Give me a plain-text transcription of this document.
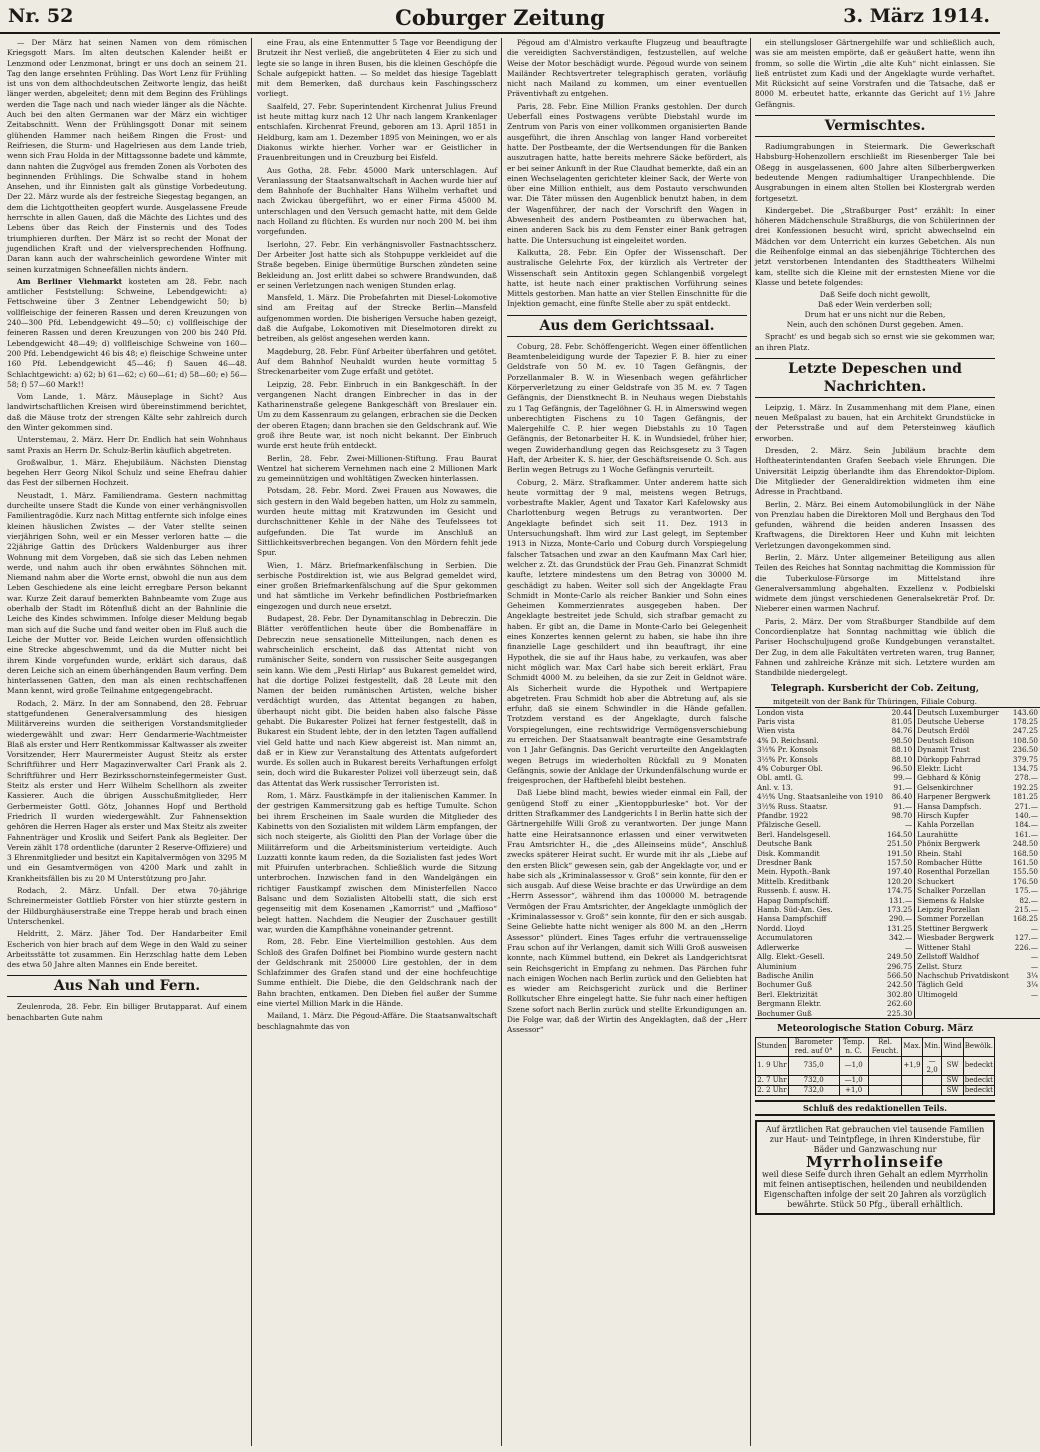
Nr. 52	Coburger Zeitung	3. März 1914.

— Der März hat seinen Namen von dem römischen Kriegsgott Mars. Im alten deutschen Kalender heißt er Lenzmond oder Lenzmonat, bringt er uns doch an seinem 21. Tag den lange ersehnten Frühling. Das Wort Lenz für Frühling ist uns von dem althochdeutschen Zeitworte lengiz, das heißt länger werden, abgeleitet; denn mit dem Beginn des Frühlings werden die Tage nach und nach wieder länger als die Nächte. Auch bei den alten Germanen war der März ein wichtiger Zeitabschnitt. Wenn der Frühlingsgott Donar mit seinem glühenden Hammer nach heißem Ringen die Frost- und Reifriesen, die Sturm- und Hagelriesen aus dem Lande trieb, wenn sich Frau Holda in der Mittagssonne badete und kämmte, dann nahten die Zugvögel aus fremden Zonen als Vorboten des beginnenden Frühlings. Die Schwalbe stand in hohem Ansehen, und ihr Einnisten galt als günstige Vorbedeutung. Der 22. März wurde als der festreiche Siegestag begangen, an dem die Lichtgottheiten geopfert wurde. Ausgelassene Freude herrschte in allen Gauen, daß die Mächte des Lichtes und des Lebens über das Reich der Finsternis und des Todes triumphieren durften. Der März ist so recht der Monat der jugendlichen Kraft und der vielversprechenden Hoffnung. Daran kann auch der wahrscheinlich gewordene Winter mit seinen kurzatmigen Schneefällen nichts ändern.

Am Berliner Viehmarkt kosteten am 28. Febr. nach amtlicher Feststellung: Schweine, Lebendgewicht: a) Fettschweine über 3 Zentner Lebendgewicht 50; b) vollfleischige der feineren Rassen und deren Kreuzungen von 240—300 Pfd. Lebendgewicht 49—50; c) vollfleischige der feineren Rassen und deren Kreuzungen von 200 bis 240 Pfd. Lebendgewicht 48—49; d) vollfleischige Schweine von 160—200 Pfd. Lebendgewicht 46 bis 48; e) fleischige Schweine unter 160 Pfd. Lebendgewicht 45—46; f) Sauen 46—48. Schlachtgewicht: a) 62; b) 61—62; c) 60—61; d) 58—60; e) 56—58; f) 57—60 Mark!!

Vom Lande, 1. März. Mäuseplage in Sicht? Aus landwirtschaftlichen Kreisen wird übereinstimmend berichtet, daß die Mäuse trotz der strengen Kälte sehr zahlreich durch den Winter gekommen sind.

Unterstemau, 2. März. Herr Dr. Endlich hat sein Wohnhaus samt Praxis an Herrn Dr. Schulz-Berlin käuflich abgetreten.

Großwalbur, 1. März. Ehejubiläum. Nächsten Dienstag begehen Herr Georg Nikol Schulz und seine Ehefrau dahier das Fest der silbernen Hochzeit.

Neustadt, 1. März. Familiendrama. Gestern nachmittag durcheilte unsere Stadt die Kunde von einer verhängnisvollen Familientragödie. Kurz nach Mittag entfernte sich infolge eines kleinen häuslichen Zwistes — der Vater stellte seinen vierjährigen Sohn, weil er ein Messer verloren hatte — die 22jährige Gattin des Drückers Waldenburger aus ihrer Wohnung mit dem Vorgeben, daß sie sich das Leben nehmen werde, und nahm auch ihr oben erwähntes Söhnchen mit. Niemand nahm aber die Worte ernst, obwohl die nun aus dem Leben Geschiedene als eine leicht erregbare Person bekannt war. Kurze Zeit darauf bemerkten Bahnbeamte vom Zuge aus oberhalb der Stadt im Rötenfluß dicht an der Bahnlinie die Leiche des Kindes schwimmen. Infolge dieser Meldung begab man sich auf die Suche und fand weiter oben im Fluß auch die Leiche der Mutter vor. Beide Leichen wurden offensichtlich eine Strecke abgeschwemmt, und da die Mutter nicht bei ihrem Kinde vorgefunden wurde, erklärt sich daraus, daß deren Leiche sich an einem überhängenden Baum verfing. Dem hinterlassenen Gatten, den man als einen rechtschaffenen Mann kennt, wird große Teilnahme entgegengebracht.

Rodach, 2. März. In der am Sonnabend, den 28. Februar stattgefundenen Generalversammlung des hiesigen Militärvereins wurden die seitherigen Vorstandsmitglieder wiedergewählt und zwar: Herr Gendarmerie-Wachtmeister Blaß als erster und Herr Rentkommissar Kaltwasser als zweiter Vorsitzender, Herr Maurermeister August Steitz als erster Schriftführer und Herr Magazinverwalter Carl Frank als 2. Schriftführer und Herr Bezirksschornsteinfegermeister Gust. Steitz als erster und Herr Wilhelm Schellhorn als zweiter Kassierer. Auch die übrigen Ausschußmitglieder, Herr Gerbermeister Gottl. Götz, Johannes Hopf und Berthold Friedrich II wurden wiedergewählt. Zur Fahnensektion gehören die Herren Hager als erster und Max Steitz als zweiter Fahnenträger und Kroslik und Seifert Pank als Begleiter. Der Verein zählt 178 ordentliche (darunter 2 Reserve-Offiziere) und 3 Ehrenmitglieder und besitzt ein Kapitalvermögen von 3295 M und ein Gesamtvermögen von 4200 Mark und zahlt in Krankheitsfällen bis zu 20 M Unterstützung pro Jahr.

Rodach, 2. März. Unfall. Der etwa 70-jährige Schreinermeister Gottlieb Förster von hier stürzte gestern in der Hildburghäuserstraße eine Treppe herab und brach einen Unterschenkel.

Heldritt, 2. März. Jäher Tod. Der Handarbeiter Emil Escherich von hier brach auf dem Wege in den Wald zu seiner Arbeitsstätte tot zusammen. Ein Herzschlag hatte dem Leben des etwa 50 Jahre alten Mannes ein Ende bereitet.

Aus Nah und Fern.

Zeulenroda, 28. Febr. Ein billiger Brutapparat. Auf einem benachbarten Gute nahm

eine Frau, als eine Entenmutter 5 Tage vor Beendigung der Brutzeit ihr Nest verließ, die angebrüteten 4 Eier zu sich und legte sie so lange in ihren Busen, bis die kleinen Geschöpfe die Schale aufgepickt hatten. — So meldet das hiesige Tageblatt mit dem Bemerken, daß durchaus kein Faschingsscherz vorliegt.

Saalfeld, 27. Febr. Superintendent Kirchenrat Julius Freund ist heute mittag kurz nach 12 Uhr nach langem Krankenlager entschlafen. Kirchenrat Freund, geboren am 13. April 1851 in Heldburg, kam am 1. Dezember 1895 von Meiningen, wo er als Diakonus wirkte hierher. Vorher war er Geistlicher in Frauenbreitungen und in Creuzburg bei Eisfeld.

Aus Gotha, 28. Febr. 45000 Mark unterschlagen. Auf Veranlassung der Staatsanwaltschaft in Aachen wurde hier auf dem Bahnhofe der Buchhalter Hans Wilhelm verhaftet und nach Zwickau übergeführt, wo er einer Firma 45000 M. unterschlagen und den Versuch gemacht hatte, mit dem Gelde nach Holland zu flüchten. Es wurden nur noch 200 M. bei ihm vorgefunden.

Iserlohn, 27. Febr. Ein verhängnisvoller Fastnachtsscherz. Der Arbeiter Jost hatte sich als Stohpuppe verkleidet auf die Straße begeben. Einige übermütige Burschen zündeten seine Bekleidung an. Jost erlitt dabei so schwere Brandwunden, daß er seinen Verletzungen nach wenigen Stunden erlag.

Mansfeld, 1. März. Die Probefahrten mit Diesel-Lokomotive sind am Freitag auf der Strecke Berlin—Mansfeld aufgenommen worden. Die bisherigen Versuche haben gezeigt, daß die Aufgabe, Lokomotiven mit Dieselmotoren direkt zu betreiben, als gelöst angesehen werden kann.

Magdeburg, 28. Febr. Fünf Arbeiter überfahren und getötet. Auf dem Bahnhof Neuhaldt wurden heute vormittag 5 Streckenarbeiter vom Zuge erfaßt und getötet.

Leipzig, 28. Febr. Einbruch in ein Bankgeschäft. In der vergangenen Nacht drangen Einbrecher in das in der Katharinenstraße gelegene Bankgeschäft von Breslauer ein. Um zu dem Kassenraum zu gelangen, erbrachen sie die Decken der oberen Etagen; dann brachen sie den Geldschrank auf. Wie groß ihre Beute war, ist noch nicht bekannt. Der Einbruch wurde erst heute früh entdeckt.

Berlin, 28. Febr. Zwei-Millionen-Stiftung. Frau Baurat Wentzel hat sicherem Vernehmen nach eine 2 Millionen Mark zu gemeinnützigen und wohltätigen Zwecken hinterlassen.

Potsdam, 28. Febr. Mord. Zwei Frauen aus Nowawes, die sich gestern in den Wald begeben hatten, um Holz zu sammeln, wurden heute mittag mit Kratzwunden im Gesicht und durchschnittener Kehle in der Nähe des Teufelssees tot aufgefunden. Die Tat wurde im Anschluß an Sittlichkeitsverbrechen begangen. Von den Mördern fehlt jede Spur.

Wien, 1. März. Briefmarkenfälschung in Serbien. Die serbische Postdirektion ist, wie aus Belgrad gemeldet wird, einer großen Briefmarkenfälschung auf die Spur gekommen und hat sämtliche im Verkehr befindlichen Postbriefmarken eingezogen und durch neue ersetzt.

Budapest, 28. Febr. Der Dynamitanschlag in Debreczin. Die Blätter veröffentlichen heute über die Bombenaffäre in Debreczin neue sensationelle Mitteilungen, nach denen es wahrscheinlich erscheint, daß das Attentat nicht von rumänischer Seite, sondern von russischer Seite ausgegangen sein kann. Wie dem „Pesti Hirlap“ aus Bukarest gemeldet wird, hat die dortige Polizei festgestellt, daß 28 Leute mit den Namen der beiden rumänischen Artisten, welche bisher verdächtigt wurden, das Attentat begangen zu haben, überhaupt nicht gibt. Die beiden haben also falsche Pässe gehabt. Die Bukarester Polizei hat ferner festgestellt, daß in Bukarest ein Student lebte, der in den letzten Tagen auffallend viel Geld hatte und nach Kiew abgereist ist. Man nimmt an, daß er in Kiew zur Veranstaltung des Attentats aufgefordert wurde. Es sollen auch in Bukarest bereits Verhaftungen erfolgt sein, doch wird die Bukarester Polizei voll überzeugt sein, daß das Attentat das Werk russischer Terroristen ist.

Rom, 1. März. Faustkämpfe in der italienischen Kammer. In der gestrigen Kammersitzung gab es heftige Tumulte. Schon bei ihrem Erscheinen im Saale wurden die Mitglieder des Kabinetts von den Sozialisten mit wildem Lärm empfangen, der sich noch steigerte, als Giolitti den Plan der Vorlage über die Militärreform und die Arbeitsministerium verteidigte. Auch Luzzatti konnte kaum reden, da die Sozialisten fast jedes Wort mit Pfuirufen unterbrachen. Schließlich wurde die Sitzung unterbrochen. Inzwischen fand in den Wandelgängen ein richtiger Faustkampf zwischen dem Ministerfellen Nacco Balsanc und dem Sozialisten Altobelli statt, die sich erst gegenseitig mit dem Kosenamen „Kamorrist“ und „Maffioso“ belegt hatten. Nachdem die Neugier der Zuschauer gestillt war, wurden die Kampfhähne voneinander getrennt.

Rom, 28. Febr. Eine Viertelmillion gestohlen. Aus dem Schloß des Grafen Dolfinet bei Piombino wurde gestern nacht der Geldschrank mit 250000 Lire gestohlen, der in dem Schlafzimmer des Grafen stand und der eine hochfeuchtige Summe enthielt. Die Diebe, die den Geldschrank nach der Bahn brachten, entkamen. Den Dieben fiel außer der Summe eine viertel Million Mark in die Hände.

Mailand, 1. März. Die Pégoud-Affäre. Die Staatsanwaltschaft beschlagnahmte das von

Pégoud am d'Almistro verkaufte Flugzeug und beauftragte die vereidigten Sachverständigen, festzustellen, auf welche Weise der Motor beschädigt wurde. Pégoud wurde von seinem Mailänder Rechtsvertreter telegraphisch geraten, vorläufig nicht nach Mailand zu kommen, um einer eventuellen Präventivhaft zu entgehen.

Paris, 28. Febr. Eine Million Franks gestohlen. Der durch Ueberfall eines Postwagens verübte Diebstahl wurde im Zentrum von Paris von einer vollkommen organisierten Bande ausgeführt, die ihren Anschlag von langer Hand vorbereitet hatte. Der Postbeamte, der die Wertsendungen für die Banken auszutragen hatte, hatte bereits mehrere Säcke befördert, als er bei seiner Ankunft in der Rue Claudhat bemerkte, daß ein an einen Wechselagenten gerichteter kleiner Sack, der Werte von über eine Million enthielt, aus dem Postauto verschwunden war. Die Täter müssen den Augenblick benutzt haben, in dem der Wagenführer, der nach der Vorschrift den Wagen in Abwesenheit des andern Postbeamten zu überwachen hat, einen anderen Sack bis zu dem Fenster einer Bank getragen hatte. Die Untersuchung ist eingeleitet worden.

Kalkutta, 28. Febr. Ein Opfer der Wissenschaft. Der australische Gelehrte Fox, der kürzlich als Vertreter der Wissenschaft sein Antitoxin gegen Schlangenbiß vorgelegt hatte, ist heute nach einer praktischen Vorführung seines Mittels gestorben. Man hatte an vier Stellen Einschnitte für die Injektion gemacht, eine fünfte Stelle aber zu spät entdeckt.

Aus dem Gerichtssaal.

Coburg, 28. Febr. Schöffengericht. Wegen einer öffentlichen Beamtenbeleidigung wurde der Tapezier F. B. hier zu einer Geldstrafe von 50 M. ev. 10 Tagen Gefängnis, der Porzellanmaler B. W. in Wiesenbach wegen gefährlicher Körperverletzung zu einer Geldstrafe von 35 M. ev. 7 Tagen Gefängnis, der Dienstknecht B. in Neuhaus wegen Diebstahls zu 1 Tag Gefängnis, der Tagelöhner G. H. in Almerswind wegen unberechtigten Fischens zu 10 Tagen Gefängnis, der Malergehilfe C. P. hier wegen Diebstahls zu 10 Tagen Gefängnis, der Betonarbeiter H. K. in Wundsiedel, früher hier, wegen Zuwiderhandlung gegen das Reichsgesetz zu 3 Tagen Haft, der Arbeiter K. S. hier, der Geschäftsreisende O. Sch. aus Berlin wegen Betrugs zu 1 Woche Gefängnis verurteilt.

Coburg, 2. März. Strafkammer. Unter anderem hatte sich heute vormittag der 9 mal, meistens wegen Betrugs, vorbestrafte Makler, Agent und Taxator Karl Kafelowsky aus Charlottenburg wegen Betrugs zu verantworten. Der Angeklagte befindet sich seit 11. Dez. 1913 in Untersuchungshaft. Ihm wird zur Last gelegt, im September 1913 in Nizza, Monte-Carlo und Coburg durch Vorspiegelung falscher Tatsachen und zwar an den Kaufmann Max Carl hier, welcher z. Zt. das Grundstück der Frau Geh. Finanzrat Schmidt kaufte, letztere mindestens um den Betrag von 30000 M. geschädigt zu haben. Weiter soll sich der Angeklagte Frau Schmidt in Monte-Carlo als reicher Bankier und Sohn eines Geheimen Kommerzienrates ausgegeben haben. Der Angeklagte bestreitet jede Schuld, sich strafbar gemacht zu haben. Er gibt an, die Dame in Monte-Carlo bei Gelegenheit eines Konzertes kennen gelernt zu haben, sie habe ihn ihre finanzielle Lage geschildert und ihn beauftragt, ihr eine Hypothek, die sie auf ihr Haus habe, zu verkaufen, was aber nicht möglich war. Max Carl habe sich bereit erklärt, Frau Schmidt 4000 M. zu beleihen, da sie zur Zeit in Geldnot wäre. Als Sicherheit wurde die Hypothek und Wertpapiere abgetreten. Frau Schmidt hob aber die Abtretung auf, als sie erfuhr, daß sie einem Schwindler in die Hände gefallen. Trotzdem verstand es der Angeklagte, durch falsche Vorspiegelungen, eine rechtswidrige Vermögensverschiebung zu erreichen. Der Staatsanwalt beantragte eine Gesamtstrafe von 1 Jahr Gefängnis. Das Gericht verurteilte den Angeklagten wegen Betrugs im wiederholten Rückfall zu 9 Monaten Gefängnis, sowie der Anklage der Urkundenfälschung wurde er freigesprochen, der Haftbefehl bleibt bestehen.

Daß Liebe blind macht, bewies wieder einmal ein Fall, der genügend Stoff zu einer „Kientoppburleske“ bot. Vor der dritten Strafkammer des Landgerichts I in Berlin hatte sich der Gärtnergehilfe Willi Groß zu verantworten. Der junge Mann hatte eine Heiratsannonce erlassen und einer verwitweten Frau Amtsrichter H., die „des Alleinseins müde“, Anschluß zwecks späterer Heirat sucht. Er wurde mit ihr als „Liebe auf den ersten Blick“ gewesen sein, gab der Angeklagte vor, und er habe sich als „Kriminalassessor v. Groß“ sein konnte, für den er sich ausgab. Auf diese Weise brachte er das Urwürdige an dem „Herrn Assessor“, während ihm das 100000 M. betragende Vermögen der Frau Amtsrichter, der Angeklagte unmöglich der „Kriminalassessor v. Groß“ sein konnte, für den er sich ausgab. Seine Geliebte hatte nicht weniger als 800 M. an den „Herrn Assessor“ plündert. Eines Tages erfuhr die vertrauensselige Frau schon auf ihr Verlangen, damit sich Willi Groß ausweisen konnte, nach Kümmel buttend, ein Dekret als Landgerichtsrat sein Reichsgericht in Empfang zu nehmen. Das Pärchen fuhr nach einigen Wochen nach Berlin zurück und den Geliebten hat es wieder am Reichsgericht zurück und die Berliner Rollkutscher Ehre eingelegt hatte. Sie fuhr nach einer heftigen Szene sofort nach Berlin zurück und stellte Erkundigungen an. Die Folge war, daß der Wirtin des Angeklagten, daß der „Herr Assessor“

ein stellungsloser Gärtnergehilfe war und schließlich auch, was sie am meisten empörte, daß er geäußert hatte, wenn ihn fromm, so solle die Wirtin „die alte Kuh“ nicht einlassen. Sie ließ entrüstet zum Kadi und der Angeklagte wurde verhaftet. Mit Rücksicht auf seine Vorstrafen und die Tatsache, daß er 8000 M. erbeutet hatte, erkannte das Gericht auf 1½ Jahre Gefängnis.

Vermischtes.

Radiumgrabungen in Steiermark. Die Gewerkschaft Habsburg-Hohenzollern erschließt im Riesenberger Tale bei Oßegg in ausgelassenen, 600 Jahre alten Silberbergwerken bedeutende Mengen radiumhaltiger Uranpechblende. Die Ausgrabungen in einem alten Stollen bei Klostergrab werden fortgesetzt.

Kindergebet. Die „Straßburger Post“ erzählt: In einer höheren Mädchenschule Straßburgs, die von Schülerinnen der drei Konfessionen besucht wird, spricht abwechselnd ein Mädchen vor dem Unterricht ein kurzes Gebetchen. Als nun die Reihenfolge einmal an das siebenjährige Töchterchen des jetzt verstorbenen Intendanten des Stadttheaters Wilhelmi kam, stellte sich die Kleine mit der ernstesten Miene vor die Klasse und betete folgendes:

Daß Seife doch nicht gewollt,
Daß eder Wein verderben soll;
Drum hat er uns nicht nur die Reben,
Nein, auch den schönen Durst gegeben. Amen.

Spracht' es und begab sich so ernst wie sie gekommen war, an ihren Platz.

Letzte Depeschen und Nachrichten.

Leipzig, 1. März. In Zusammenhang mit dem Plane, einen neuen Meßpalast zu bauen, hat ein Architekt Grundstücke in der Petersstraße und auf dem Petersteinweg käuflich erworben.

Dresden, 2. März. Sein Jubiläum brachte dem Hoftheaterintendanten Grafen Seebach viele Ehrungen. Die Universität Leipzig überlandte ihm das Ehrendoktor-Diplom. Die Mitglieder der Generaldirektion widmeten ihm eine Adresse in Prachtband.

Berlin, 2. März. Bei einem Automobilunglück in der Nähe von Prenzlau haben die Direktoren Moll und Berghaus den Tod gefunden, während die beiden anderen Insassen des Kraftwagens, die Direktoren Heer und Kuhn mit leichten Verletzungen davongekommen sind.

Berlin, 2. März. Unter allgemeiner Beteiligung aus allen Teilen des Reiches hat Sonntag nachmittag die Kommission für die Tuberkulose-Fürsorge im Mittelstand ihre Generalversammlung abgehalten. Exzellenz v. Podbielski widmete dem jüngst verschiedenen Generalsekretär Prof. Dr. Nieberer einen warmen Nachruf.

Paris, 2. März. Der vom Straßburger Standbilde auf dem Concordienplatze hat Sonntag nachmittag wie üblich die Pariser Hochschuljugend große Kundgebungen veranstaltet. Der Zug, in dem alle Fakultäten vertreten waren, trug Banner, Fahnen und zahlreiche Kränze mit sich. Letztere wurden am Standbilde niedergelegt.

Telegraph. Kursbericht der Cob. Zeitung,
mitgeteilt von der Bank für Thüringen, Filiale Coburg.
London vista	20.44	Deutsch Luxemburger	143.60
Paris vista	81.05	Deutsche Ueberse	178.25
Wien vista	84.76	Deutsch Erdöl	247.25
4% D. Reichsanl.	98.50	Deutsch Edison	108.50
3½% Pr. Konsols	88.10	Dynamit Trust	236.50
3½% Pr. Konsols	88.10	Dürkopp Fahrrad	379.75
4% Coburger Obl.	96.50	Elektr. Licht	134.75
Obl. amtl. G.	99.—	Gebhard & König	278.—
Anl. v. 13.	91.—	Gelsenkirchner	192.25
4½% Ung. Staatsanleihe von 1910	86.40	Harpener Bergwerk	181.25
3½% Russ. Staatsr.	91.—	Hansa Dampfsch.	271.—
Pfandbr. 1922	98.70	Hirsch Kupfer	140.—
Pfälzische Gesell.	—	Kahla Porzellan	184.—
Berl. Handelsgesell.	164.50	Laurahütte	161.—
Deutsche Bank	251.50	Phönix Bergwerk	248.50
Disk. Kommandit	191.50	Rhein. Stahl	168.50
Dresdner Bank	157.50	Rombacher Hütte	161.50
Mein. Hypoth.-Bank	197.40	Rosenthal Porzellan	155.50
Mittelb. Kreditbank	120.20	Schuckert	176.50
Russenb. f. ausw. H.	174.75	Schalker Porzellan	175.—
Hapag Dampfschiff.	131.—	Siemens & Halske	82.—
Hamb. Süd-Am. Ges.	173.25	Leipzig Porzellan	215.—
Hansa Dampfschiff	290.—	Sommer Porzellan	168.25
Nordd. Lloyd	131.25	Stettiner Bergwerk	—
Accumulatoren	342.—	Wiesbader Bergwerk	127.—
Adlerwerke	—	Wittener Stahl	226.—
Allg. Elekt.-Gesell.	249.50	Zellstoff Waldhof	—
Aluminium	296.75	Zellst. Sturz	—
Badische Anilin	566.50	Nachschub Privatdiskont	3¼
Bochumer Guß	242.50	Täglich Geld	3¼
Berl. Elektrizität	302.80	Ultimogeld	—
Bergmann Elektr.	262.60		
Bochumer Guß	225.30		
Meteorologische Station Coburg. März
Stunden	Barometer red. auf 0°	Temp. n. C.	Rel. Feucht.	Max.	Min.	Wind	Bewölk.
1. 9 Uhr	735,0	—1,0		+1,9	—2,0	SW	bedeckt
2. 7 Uhr	732,0	—1,0				SW	bedeckt
2. 2 Uhr	732,0	+1,0				SW	bedeckt
Schluß des redaktionellen Teils.
Auf ärztlichen Rat gebrauchen viel tausende Familien zur Haut- und Teintpflege, in ihren Kinderstube, für Bäder und Ganzwaschung nur
Myrrholinseife
weil diese Seife durch ihren Gehalt an edlem Myrrholin mit feinen antiseptischen, heilenden und neubildenden Eigenschaften infolge der seit 20 Jahren als vorzüglich bewährte. Stück 50 Pfg., überall erhältlich.
